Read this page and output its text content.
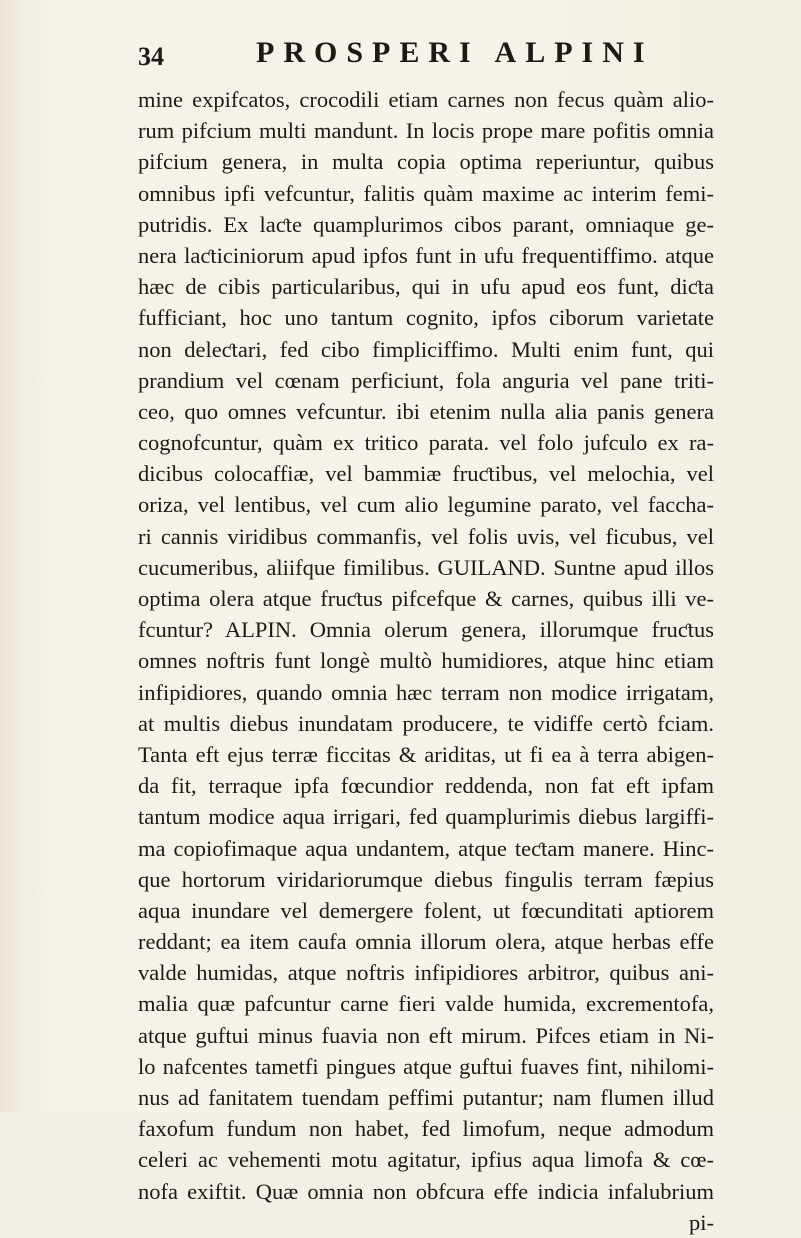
34	PROSPERI ALPINI
mine expifcatos, crocodili etiam carnes non fecus quàm alio-
rum pifcium multi mandunt. In locis prope mare pofitis omnia
pifcium genera, in multa copia optima reperiuntur, quibus
omnibus ipfi vefcuntur, falitis quàm maxime ac interim femi-
putridis. Ex laƈte quamplurimos cibos parant, omniaque ge-
nera laƈticiniorum apud ipfos funt in ufu frequentiffimo. atque
hæc de cibis particularibus, qui in ufu apud eos funt, diƈta
fufficiant, hoc uno tantum cognito, ipfos ciborum varietate
non deleƈtari, fed cibo fimpliciffimo. Multi enim funt, qui
prandium vel cœnam perficiunt, fola anguria vel pane triti-
ceo, quo omnes vefcuntur. ibi etenim nulla alia panis genera
cognofcuntur, quàm ex tritico parata. vel folo jufculo ex ra-
dicibus colocaffiæ, vel bammiæ fruƈtibus, vel melochia, vel
oriza, vel lentibus, vel cum alio legumine parato, vel faccha-
ri cannis viridibus commanfis, vel folis uvis, vel ficubus, vel
cucumeribus, aliifque fimilibus. GUILAND. Suntne apud illos
optima olera atque fruƈtus pifcefque & carnes, quibus illi ve-
fcuntur? ALPIN. Omnia olerum genera, illorumque fruƈtus
omnes noftris funt longè multò humidiores, atque hinc etiam
infipidiores, quando omnia hæc terram non modice irrigatam,
at multis diebus inundatam producere, te vidiffe certò fciam.
Tanta eft ejus terræ ficcitas & ariditas, ut fi ea à terra abigen-
da fit, terraque ipfa fœcundior reddenda, non fat eft ipfam
tantum modice aqua irrigari, fed quamplurimis diebus largiffi-
ma copiofimaque aqua undantem, atque teƈtam manere. Hinc-
que hortorum viridariorumque diebus fingulis terram fæpius
aqua inundare vel demergere folent, ut fœcunditati aptiorem
reddant; ea item caufa omnia illorum olera, atque herbas effe
valde humidas, atque noftris infipidiores arbitror, quibus ani-
malia quæ pafcuntur carne fieri valde humida, excrementofa,
atque guftui minus fuavia non eft mirum. Pifces etiam in Ni-
lo nafcentes tametfi pingues atque guftui fuaves fint, nihilomi-
nus ad fanitatem tuendam peffimi putantur; nam flumen illud
faxofum fundum non habet, fed limofum, neque admodum
celeri ac vehementi motu agitatur, ipfius aqua limofa & cœ-
nofa exiftit. Quæ omnia non obfcura effe indicia infalubrium
pi-
